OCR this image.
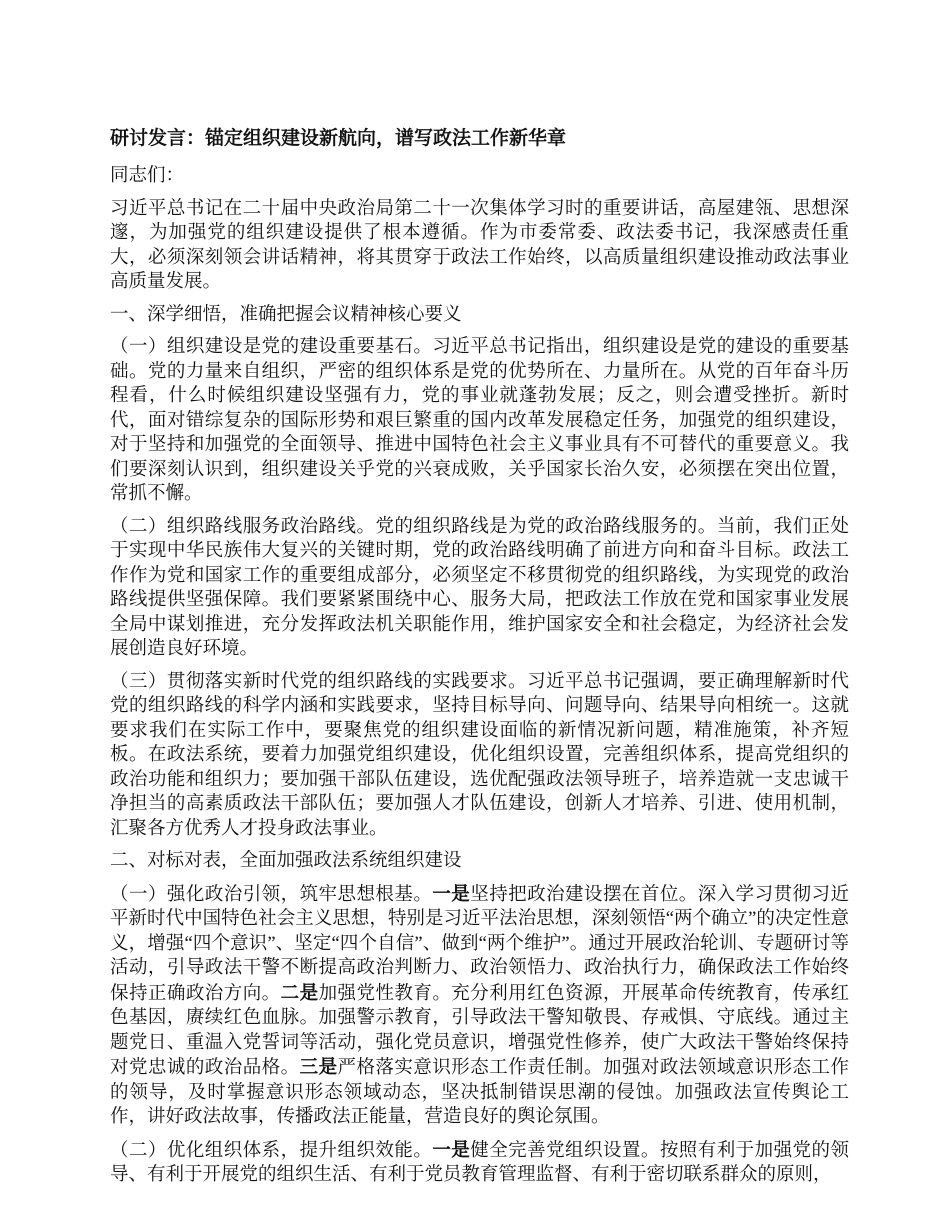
研讨发言：锚定组织建设新航向，谱写政法工作新华章

同志们：

习近平总书记在二十届中央政治局第二十一次集体学习时的重要讲话，高屋建瓴、思想深邃，为加强党的组织建设提供了根本遵循。作为市委常委、政法委书记，我深感责任重大，必须深刻领会讲话精神，将其贯穿于政法工作始终，以高质量组织建设推动政法事业高质量发展。

一、深学细悟，准确把握会议精神核心要义

（一）组织建设是党的建设重要基石。习近平总书记指出，组织建设是党的建设的重要基础。党的力量来自组织，严密的组织体系是党的优势所在、力量所在。从党的百年奋斗历程看，什么时候组织建设坚强有力，党的事业就蓬勃发展；反之，则会遭受挫折。新时代，面对错综复杂的国际形势和艰巨繁重的国内改革发展稳定任务，加强党的组织建设，对于坚持和加强党的全面领导、推进中国特色社会主义事业具有不可替代的重要意义。我们要深刻认识到，组织建设关乎党的兴衰成败，关乎国家长治久安，必须摆在突出位置，常抓不懈。

（二）组织路线服务政治路线。党的组织路线是为党的政治路线服务的。当前，我们正处于实现中华民族伟大复兴的关键时期，党的政治路线明确了前进方向和奋斗目标。政法工作作为党和国家工作的重要组成部分，必须坚定不移贯彻党的组织路线，为实现党的政治路线提供坚强保障。我们要紧紧围绕中心、服务大局，把政法工作放在党和国家事业发展全局中谋划推进，充分发挥政法机关职能作用，维护国家安全和社会稳定，为经济社会发展创造良好环境。

（三）贯彻落实新时代党的组织路线的实践要求。习近平总书记强调，要正确理解新时代党的组织路线的科学内涵和实践要求，坚持目标导向、问题导向、结果导向相统一。这就要求我们在实际工作中，要聚焦党的组织建设面临的新情况新问题，精准施策，补齐短板。在政法系统，要着力加强党组织建设，优化组织设置，完善组织体系，提高党组织的政治功能和组织力；要加强干部队伍建设，选优配强政法领导班子，培养造就一支忠诚干净担当的高素质政法干部队伍；要加强人才队伍建设，创新人才培养、引进、使用机制，汇聚各方优秀人才投身政法事业。

二、对标对表，全面加强政法系统组织建设

（一）强化政治引领，筑牢思想根基。一是坚持把政治建设摆在首位。深入学习贯彻习近平新时代中国特色社会主义思想，特别是习近平法治思想，深刻领悟“两个确立”的决定性意义，增强“四个意识”、坚定“四个自信”、做到“两个维护”。通过开展政治轮训、专题研讨等活动，引导政法干警不断提高政治判断力、政治领悟力、政治执行力，确保政法工作始终保持正确政治方向。二是加强党性教育。充分利用红色资源，开展革命传统教育，传承红色基因，赓续红色血脉。加强警示教育，引导政法干警知敬畏、存戒惧、守底线。通过主题党日、重温入党誓词等活动，强化党员意识，增强党性修养，使广大政法干警始终保持对党忠诚的政治品格。三是严格落实意识形态工作责任制。加强对政法领域意识形态工作的领导，及时掌握意识形态领域动态，坚决抵制错误思潮的侵蚀。加强政法宣传舆论工作，讲好政法故事，传播政法正能量，营造良好的舆论氛围。

（二）优化组织体系，提升组织效能。一是健全完善党组织设置。按照有利于加强党的领导、有利于开展党的组织生活、有利于党员教育管理监督、有利于密切联系群众的原则，
